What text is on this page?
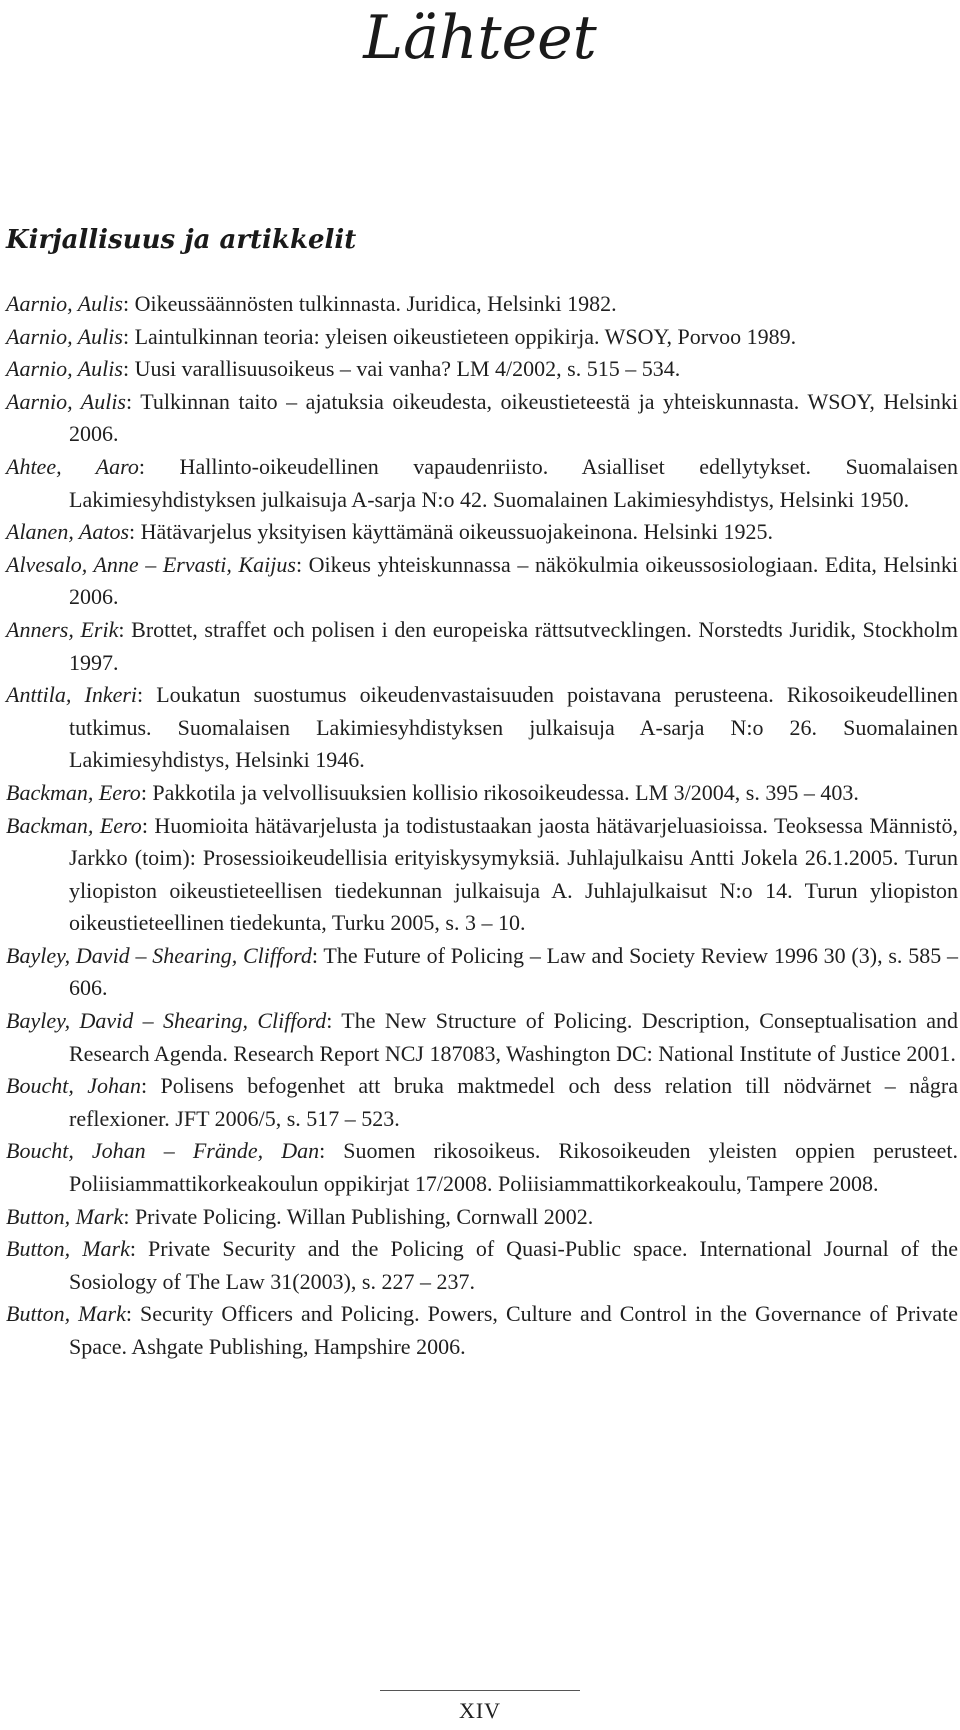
Lähteet
Kirjallisuus ja artikkelit
Aarnio, Aulis: Oikeussäännösten tulkinnasta. Juridica, Helsinki 1982.
Aarnio, Aulis: Laintulkinnan teoria: yleisen oikeustieteen oppikirja. WSOY, Porvoo 1989.
Aarnio, Aulis: Uusi varallisuusoikeus – vai vanha? LM 4/2002, s. 515 – 534.
Aarnio, Aulis: Tulkinnan taito – ajatuksia oikeudesta, oikeustieteestä ja yhteiskunnasta. WSOY, Helsinki 2006.
Ahtee, Aaro: Hallinto-oikeudellinen vapaudenriisto. Asialliset edellytykset. Suomalaisen Lakimiesyhdistyksen julkaisuja A-sarja N:o 42. Suomalainen Lakimiesyhdistys, Helsinki 1950.
Alanen, Aatos: Hätävarjelus yksityisen käyttämänä oikeussuojakeinona. Helsinki 1925.
Alvesalo, Anne – Ervasti, Kaijus: Oikeus yhteiskunnassa – näkökulmia oikeussosiologiaan. Edita, Helsinki 2006.
Anners, Erik: Brottet, straffet och polisen i den europeiska rättsutvecklingen. Norstedts Juridik, Stockholm 1997.
Anttila, Inkeri: Loukatun suostumus oikeudenvastaisuuden poistavana perusteena. Rikosoikeudellinen tutkimus. Suomalaisen Lakimiesyhdistyksen julkaisuja A-sarja N:o 26. Suomalainen Lakimiesyhdistys, Helsinki 1946.
Backman, Eero: Pakkotila ja velvollisuuksien kollisio rikosoikeudessa. LM 3/2004, s. 395 – 403.
Backman, Eero: Huomioita hätävarjelusta ja todistustaakan jaosta hätävarjeluasioissa. Teoksessa Männistö, Jarkko (toim): Prosessioikeudellisia erityiskysymyksiä. Juhlajulkaisu Antti Jokela 26.1.2005. Turun yliopiston oikeustieteellisen tiedekunnan julkaisuja A. Juhlajulkaisut N:o 14. Turun yliopiston oikeustieteellinen tiedekunta, Turku 2005, s. 3 – 10.
Bayley, David – Shearing, Clifford: The Future of Policing – Law and Society Review 1996 30 (3), s. 585 – 606.
Bayley, David – Shearing, Clifford: The New Structure of Policing. Description, Conseptualisation and Research Agenda. Research Report NCJ 187083, Washington DC: National Institute of Justice 2001.
Boucht, Johan: Polisens befogenhet att bruka maktmedel och dess relation till nödvärnet – några reflexioner. JFT 2006/5, s. 517 – 523.
Boucht, Johan – Frände, Dan: Suomen rikosoikeus. Rikosoikeuden yleisten oppien perusteet. Poliisiammattikorkeakoulun oppikirjat 17/2008. Poliisiammattikorkeakoulu, Tampere 2008.
Button, Mark: Private Policing. Willan Publishing, Cornwall 2002.
Button, Mark: Private Security and the Policing of Quasi-Public space. International Journal of the Sosiology of The Law 31(2003), s. 227 – 237.
Button, Mark: Security Officers and Policing. Powers, Culture and Control in the Governance of Private Space. Ashgate Publishing, Hampshire 2006.

XIV
